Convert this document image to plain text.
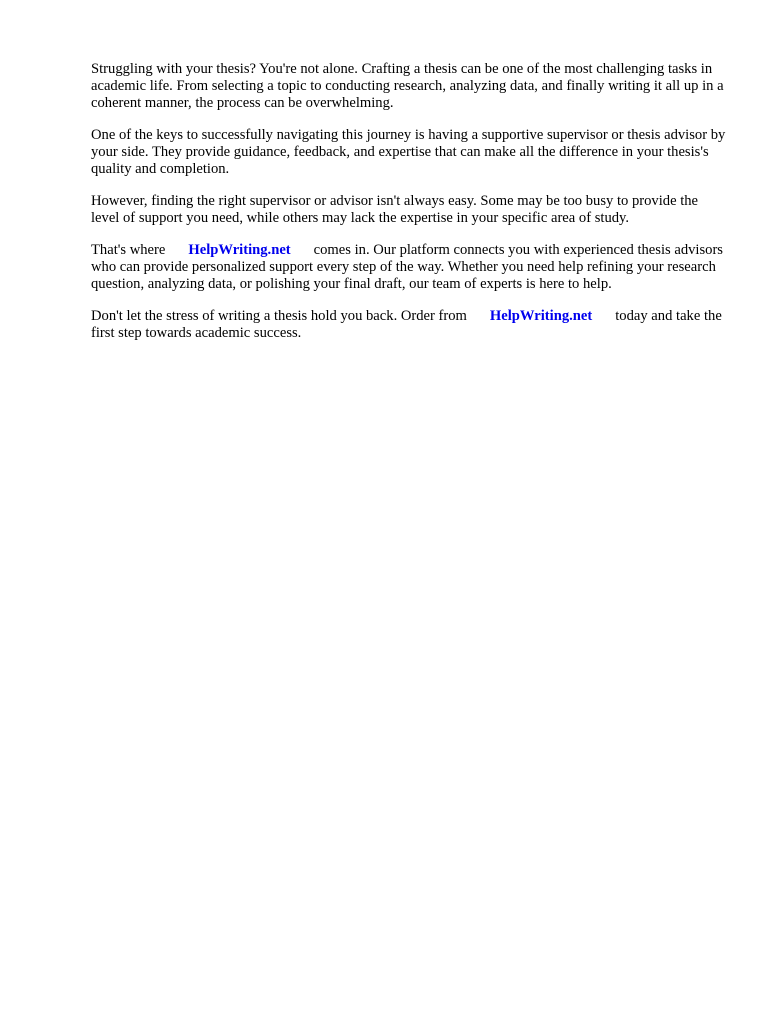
Struggling with your thesis? You're not alone. Crafting a thesis can be one of the most challenging tasks in academic life. From selecting a topic to conducting research, analyzing data, and finally writing it all up in a coherent manner, the process can be overwhelming.

One of the keys to successfully navigating this journey is having a supportive supervisor or thesis advisor by your side. They provide guidance, feedback, and expertise that can make all the difference in your thesis's quality and completion.

However, finding the right supervisor or advisor isn't always easy. Some may be too busy to provide the level of support you need, while others may lack the expertise in your specific area of study.

That's where HelpWriting.net comes in. Our platform connects you with experienced thesis advisors who can provide personalized support every step of the way. Whether you need help refining your research question, analyzing data, or polishing your final draft, our team of experts is here to help.

Don't let the stress of writing a thesis hold you back. Order from HelpWriting.net today and take the first step towards academic success.
